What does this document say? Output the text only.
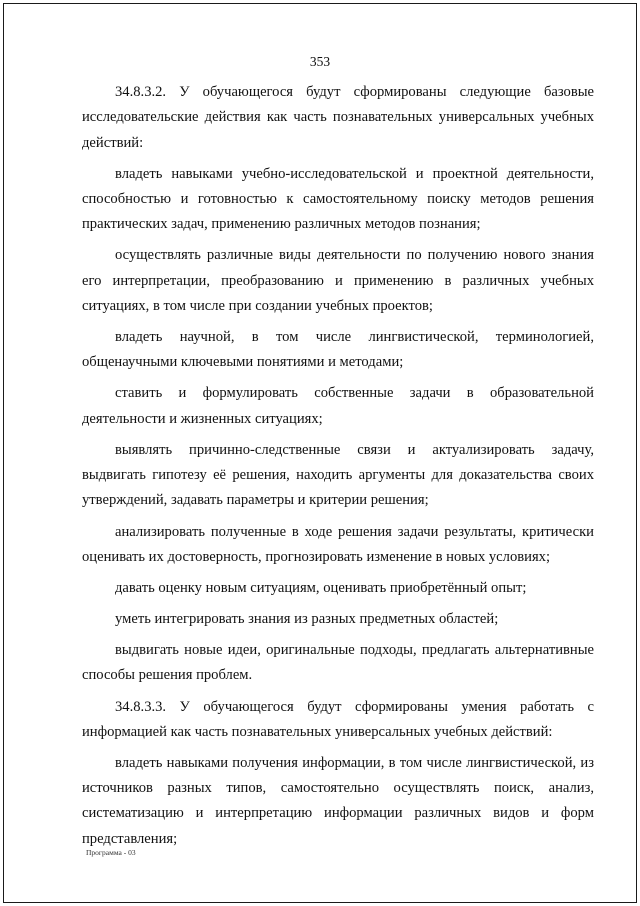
353

34.8.3.2. У обучающегося будут сформированы следующие базовые исследовательские действия как часть познавательных универсальных учебных действий:

владеть навыками учебно-исследовательской и проектной деятельности, способностью и готовностью к самостоятельному поиску методов решения практических задач, применению различных методов познания;

осуществлять различные виды деятельности по получению нового знания его интерпретации, преобразованию и применению в различных учебных ситуациях, в том числе при создании учебных проектов;

владеть научной, в том числе лингвистической, терминологией, общенаучными ключевыми понятиями и методами;

ставить и формулировать собственные задачи в образовательной деятельности и жизненных ситуациях;

выявлять причинно-следственные связи и актуализировать задачу, выдвигать гипотезу её решения, находить аргументы для доказательства своих утверждений, задавать параметры и критерии решения;

анализировать полученные в ходе решения задачи результаты, критически оценивать их достоверность, прогнозировать изменение в новых условиях;

давать оценку новым ситуациям, оценивать приобретённый опыт;

уметь интегрировать знания из разных предметных областей;

выдвигать новые идеи, оригинальные подходы, предлагать альтернативные способы решения проблем.

34.8.3.3. У обучающегося будут сформированы умения работать с информацией как часть познавательных универсальных учебных действий:

владеть навыками получения информации, в том числе лингвистической, из источников разных типов, самостоятельно осуществлять поиск, анализ, систематизацию и интерпретацию информации различных видов и форм представления;

Программа - 03
